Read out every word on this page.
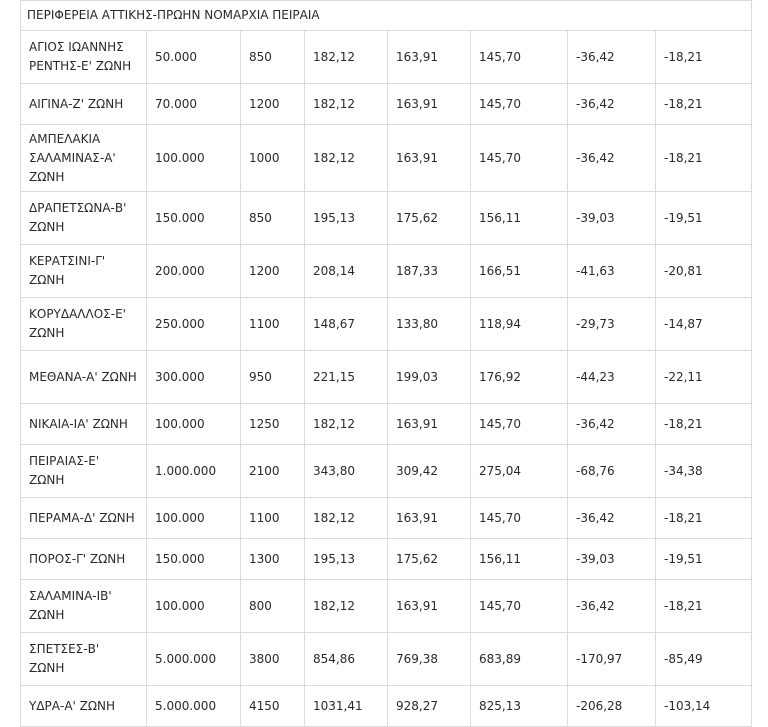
ΠΕΡΙΦΕΡΕΙΑ ΑΤΤΙΚΗΣ-ΠΡΩΗΝ ΝΟΜΑΡΧΙΑ ΠΕΙΡΑΙΑ							
ΑΓΙΟΣ ΙΩΑΝΝΗΣ ΡΕΝΤΗΣ-Ε' ΖΩΝΗ	50.000	850	182,12	163,91	145,70	-36,42	-18,21
ΑΙΓΙΝΑ-Ζ' ΖΩΝΗ	70.000	1200	182,12	163,91	145,70	-36,42	-18,21
ΑΜΠΕΛΑΚΙΑ ΣΑΛΑΜΙΝΑΣ-Α' ΖΩΝΗ	100.000	1000	182,12	163,91	145,70	-36,42	-18,21
ΔΡΑΠΕΤΣΩΝΑ-Β' ΖΩΝΗ	150.000	850	195,13	175,62	156,11	-39,03	-19,51
ΚΕΡΑΤΣΙΝΙ-Γ' ΖΩΝΗ	200.000	1200	208,14	187,33	166,51	-41,63	-20,81
ΚΟΡΥΔΑΛΛΟΣ-Ε' ΖΩΝΗ	250.000	1100	148,67	133,80	118,94	-29,73	-14,87
ΜΕΘΑΝΑ-Α' ΖΩΝΗ	300.000	950	221,15	199,03	176,92	-44,23	-22,11
ΝΙΚΑΙΑ-ΙΑ' ΖΩΝΗ	100.000	1250	182,12	163,91	145,70	-36,42	-18,21
ΠΕΙΡΑΙΑΣ-Ε' ΖΩΝΗ	1.000.000	2100	343,80	309,42	275,04	-68,76	-34,38
ΠΕΡΑΜΑ-Δ' ΖΩΝΗ	100.000	1100	182,12	163,91	145,70	-36,42	-18,21
ΠΟΡΟΣ-Γ' ΖΩΝΗ	150.000	1300	195,13	175,62	156,11	-39,03	-19,51
ΣΑΛΑΜΙΝΑ-ΙΒ' ΖΩΝΗ	100.000	800	182,12	163,91	145,70	-36,42	-18,21
ΣΠΕΤΣΕΣ-Β' ΖΩΝΗ	5.000.000	3800	854,86	769,38	683,89	-170,97	-85,49
ΥΔΡΑ-Α' ΖΩΝΗ	5.000.000	4150	1031,41	928,27	825,13	-206,28	-103,14
